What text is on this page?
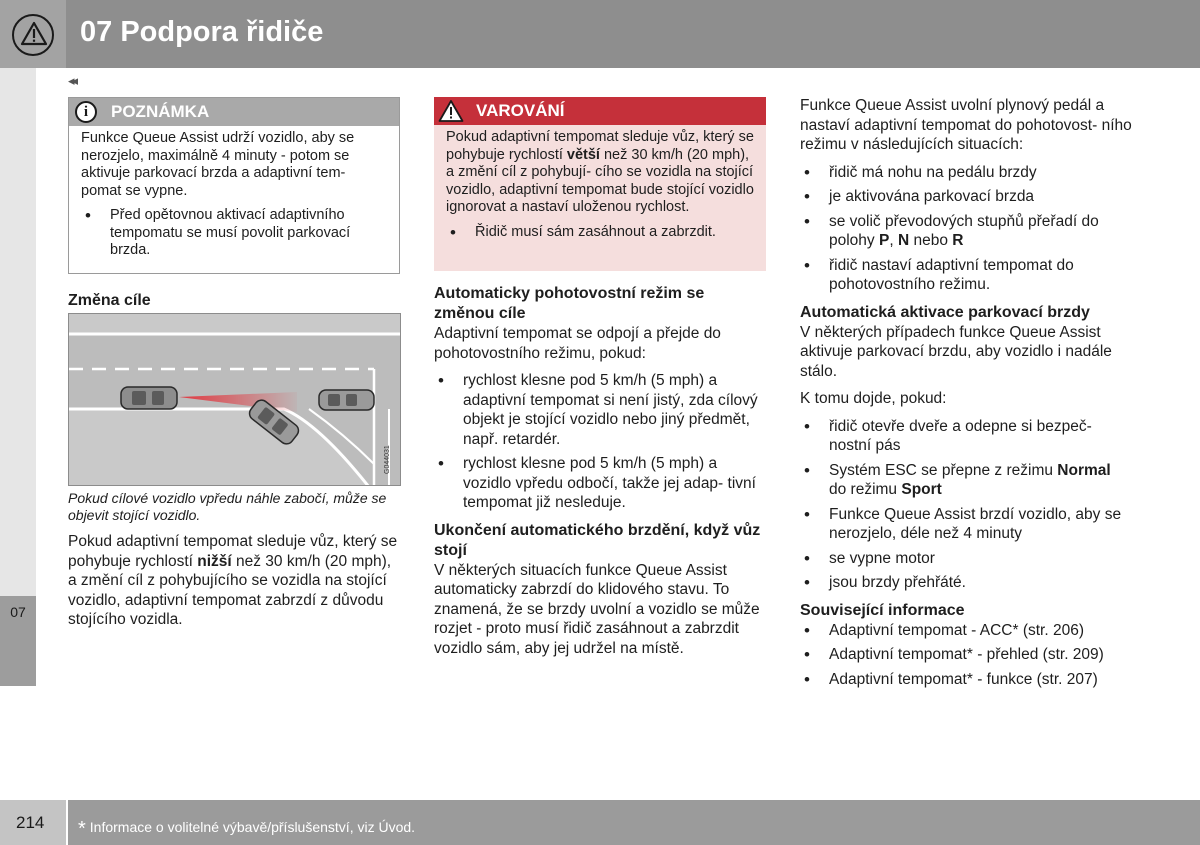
07 Podpora řidiče
07
◂◂
i	POZNÁMKA

Funkce Queue Assist udrží vozidlo, aby se nerozjelo, maximálně 4 minuty - potom se aktivuje parkovací brzda a adaptivní tem- pomat se vypne.

• Před opětovnou aktivací adaptivního tempomatu se musí povolit parkovací brzda.
Změna cíle
G044031
Pokud cílové vozidlo vpředu náhle zabočí, může se objevit stojící vozidlo.

Pokud adaptivní tempomat sleduje vůz, který se pohybuje rychlostí nižší než 30 km/h (20 mph), a změní cíl z pohybujícího se vozidla na stojící vozidlo, adaptivní tempomat zabrzdí z důvodu stojícího vozidla.

VAROVÁNÍ

Pokud adaptivní tempomat sleduje vůz, který se pohybuje rychlostí větší než 30 km/h (20 mph), a změní cíl z pohybují- cího se vozidla na stojící vozidlo, adaptivní tempomat bude stojící vozidlo ignorovat a nastaví uloženou rychlost.

• Řidič musí sám zasáhnout a zabrzdit.
Automaticky pohotovostní režim se změnou cíle

Adaptivní tempomat se odpojí a přejde do pohotovostního režimu, pokud:

• rychlost klesne pod 5 km/h (5 mph) a adaptivní tempomat si není jistý, zda cílový objekt je stojící vozidlo nebo jiný předmět, např. retardér.
• rychlost klesne pod 5 km/h (5 mph) a vozidlo vpředu odbočí, takže jej adap- tivní tempomat již nesleduje.
Ukončení automatického brzdění, když vůz stojí

V některých situacích funkce Queue Assist automaticky zabrzdí do klidového stavu. To znamená, že se brzdy uvolní a vozidlo se může rozjet - proto musí řidič zasáhnout a zabrzdit vozidlo sám, aby jej udržel na místě.

Funkce Queue Assist uvolní plynový pedál a nastaví adaptivní tempomat do pohotovost- ního režimu v následujících situacích:

• řidič má nohu na pedálu brzdy
• je aktivována parkovací brzda
• se volič převodových stupňů přeřadí do polohy P, N nebo R
• řidič nastaví adaptivní tempomat do pohotovostního režimu.
Automatická aktivace parkovací brzdy

V některých případech funkce Queue Assist aktivuje parkovací brzdu, aby vozidlo i nadále stálo.

K tomu dojde, pokud:

• řidič otevře dveře a odepne si bezpeč- nostní pás
• Systém ESC se přepne z režimu Normal
do režimu Sport
• Funkce Queue Assist brzdí vozidlo, aby se nerozjelo, déle než 4 minuty
• se vypne motor
• jsou brzdy přehřáté.
Související informace
• Adaptivní tempomat - ACC* (str. 206)
• Adaptivní tempomat* - přehled (str. 209)
• Adaptivní tempomat* - funkce (str. 207)
214 * Informace o volitelné výbavě/příslušenství, viz Úvod.
